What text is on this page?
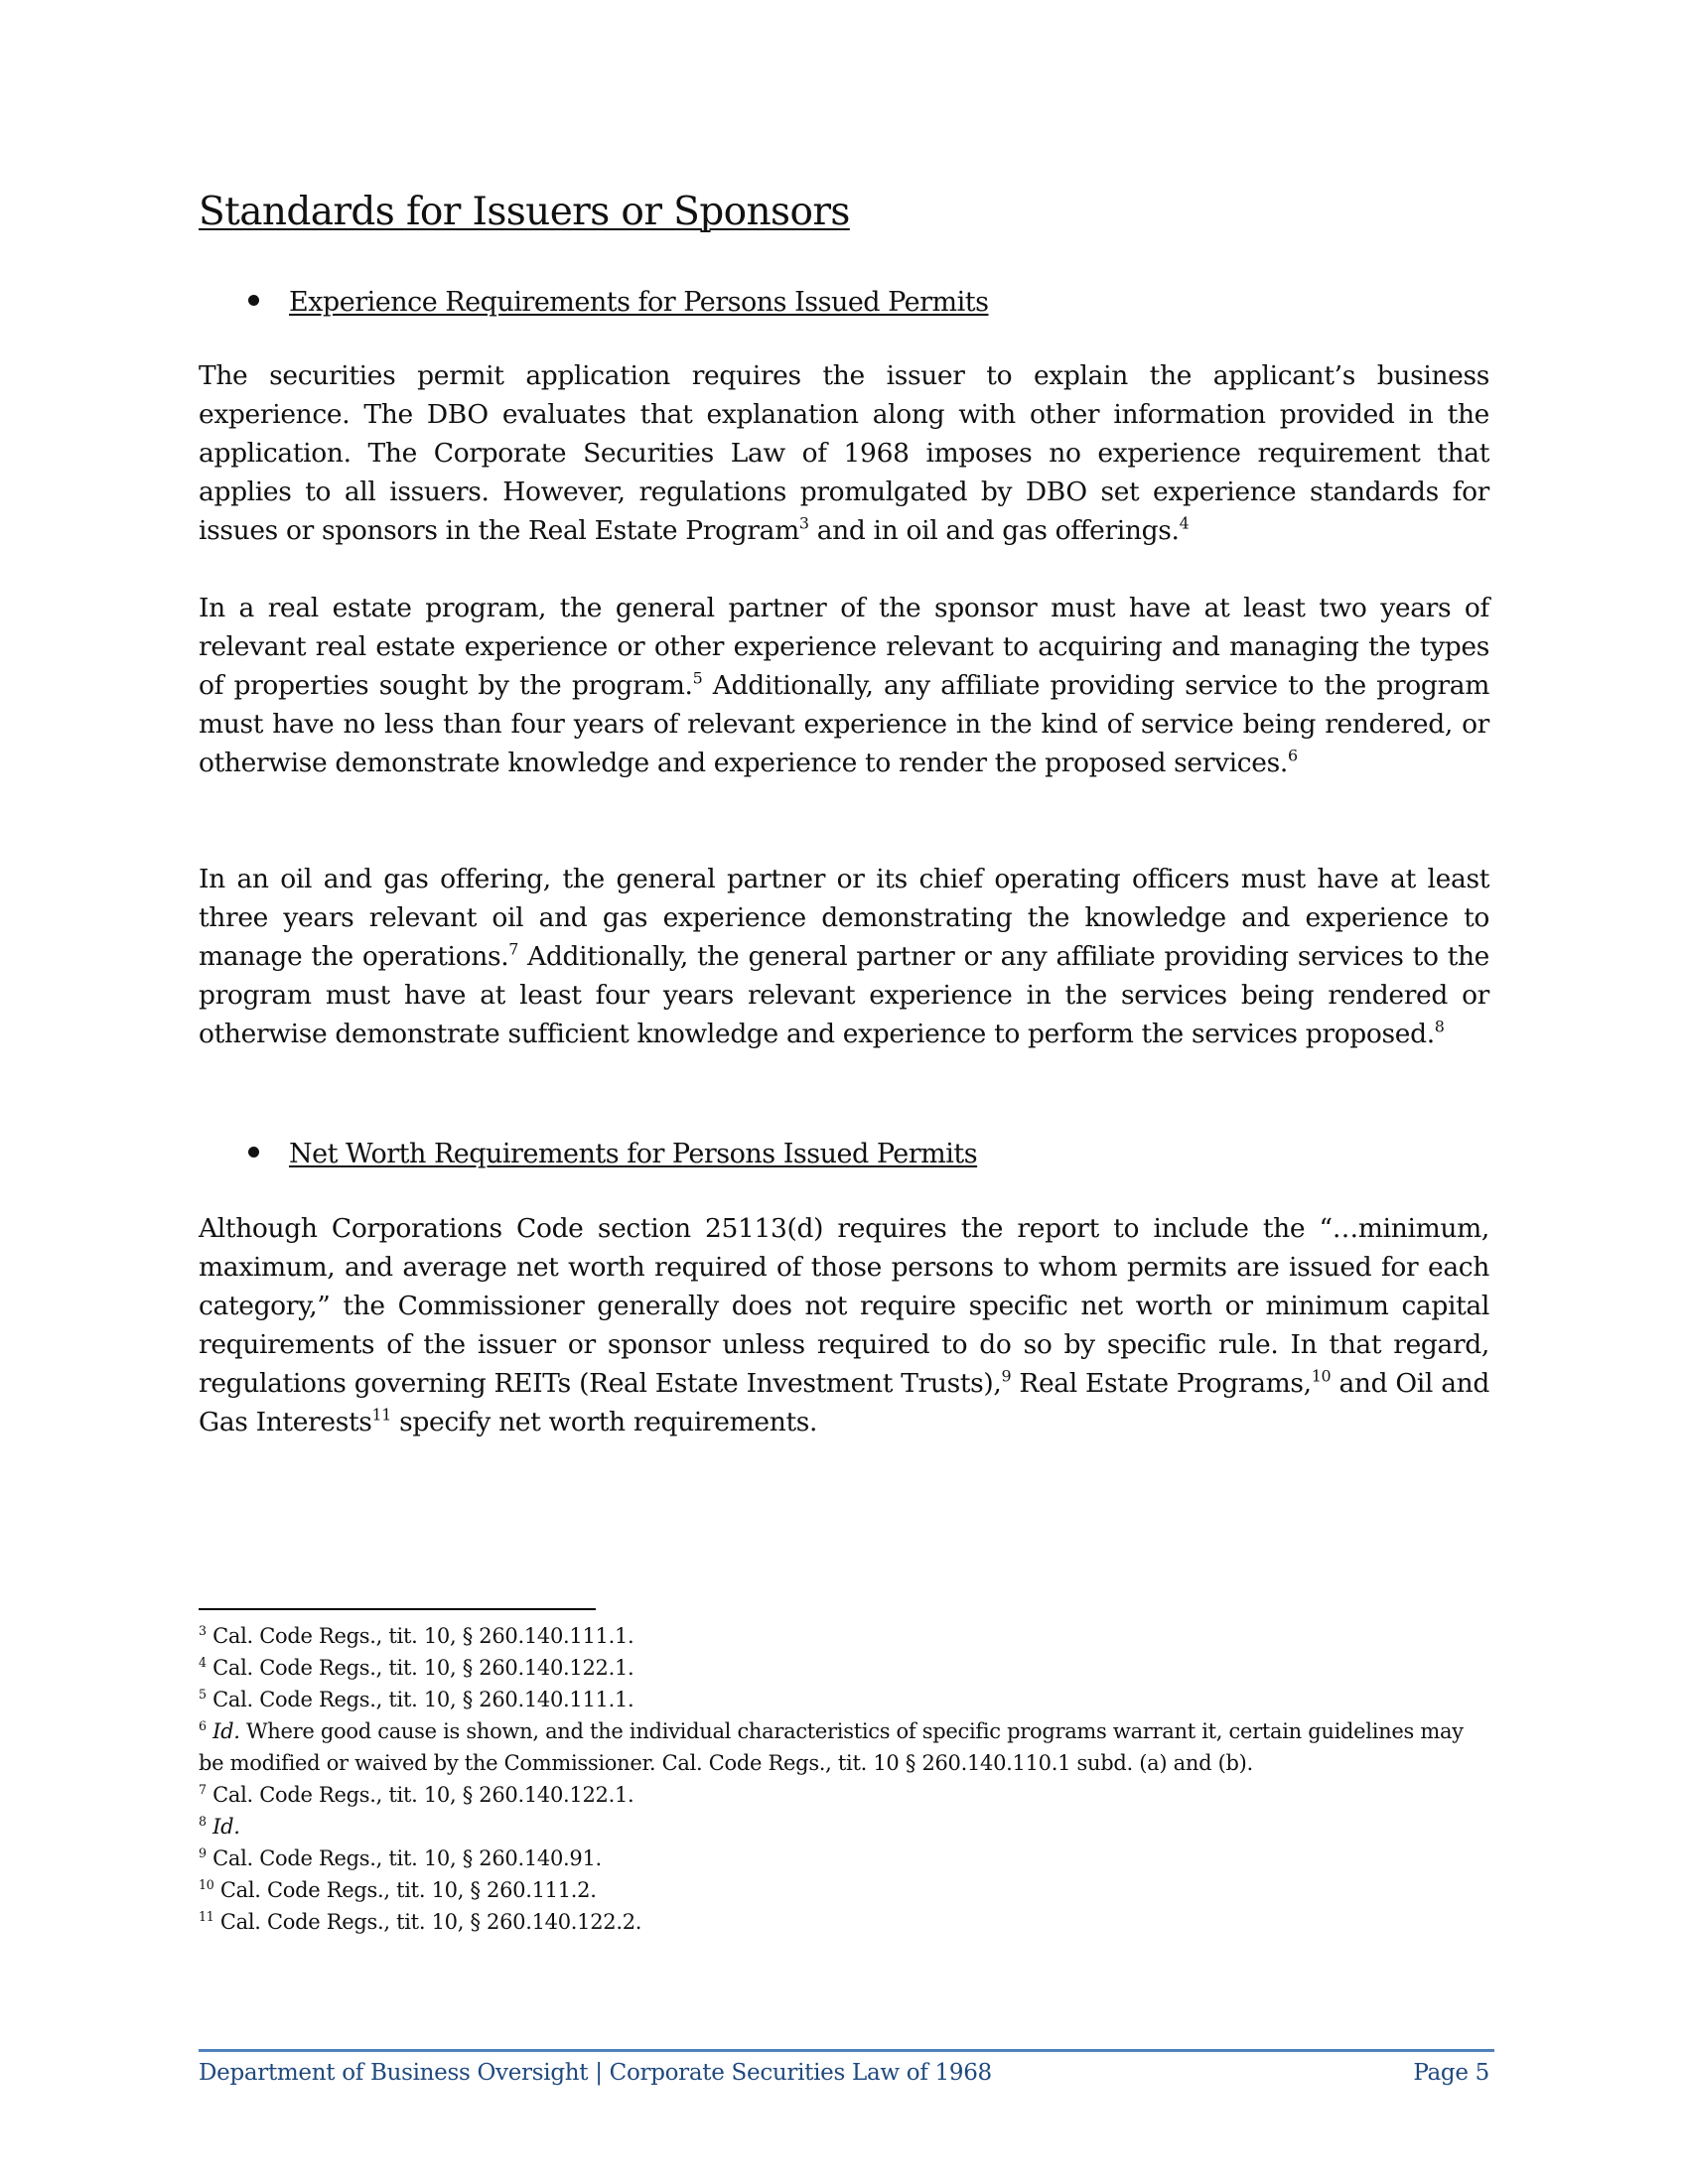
Standards for Issuers or Sponsors
Experience Requirements for Persons Issued Permits

The securities permit application requires the issuer to explain the applicant’s business experience. The DBO evaluates that explanation along with other information provided in the application. The Corporate Securities Law of 1968 imposes no experience requirement that applies to all issuers. However, regulations promulgated by DBO set experience standards for issues or sponsors in the Real Estate Program$^3$ and in oil and gas offerings.$^4$

In a real estate program, the general partner of the sponsor must have at least two years of relevant real estate experience or other experience relevant to acquiring and managing the types of properties sought by the program.$^5$ Additionally, any affiliate providing service to the program must have no less than four years of relevant experience in the kind of service being rendered, or otherwise demonstrate knowledge and experience to render the proposed services.$^6$

In an oil and gas offering, the general partner or its chief operating officers must have at least three years relevant oil and gas experience demonstrating the knowledge and experience to manage the operations.$^7$ Additionally, the general partner or any affiliate providing services to the program must have at least four years relevant experience in the services being rendered or otherwise demonstrate sufficient knowledge and experience to perform the services proposed.$^8$

Net Worth Requirements for Persons Issued Permits

Although Corporations Code section 25113(d) requires the report to include the “…minimum, maximum, and average net worth required of those persons to whom permits are issued for each category,” the Commissioner generally does not require specific net worth or minimum capital requirements of the issuer or sponsor unless required to do so by specific rule. In that regard, regulations governing REITs (Real Estate Investment Trusts),$^9$ Real Estate Programs,$^{10}$ and Oil and Gas Interests$^{11}$ specify net worth requirements.

$^3$ Cal. Code Regs., tit. 10, § 260.140.111.1.

$^4$ Cal. Code Regs., tit. 10, § 260.140.122.1.

$^5$ Cal. Code Regs., tit. 10, § 260.140.111.1.

$^6$ Id. Where good cause is shown, and the individual characteristics of specific programs warrant it, certain guidelines may be modified or waived by the Commissioner. Cal. Code Regs., tit. 10 § 260.140.110.1 subd. (a) and (b).

$^7$ Cal. Code Regs., tit. 10, § 260.140.122.1.

$^8$ Id.

$^9$ Cal. Code Regs., tit. 10, § 260.140.91.

$^{10}$ Cal. Code Regs., tit. 10, § 260.111.2.

$^{11}$ Cal. Code Regs., tit. 10, § 260.140.122.2.

Department of Business Oversight | Corporate Securities Law of 1968	Page 5
